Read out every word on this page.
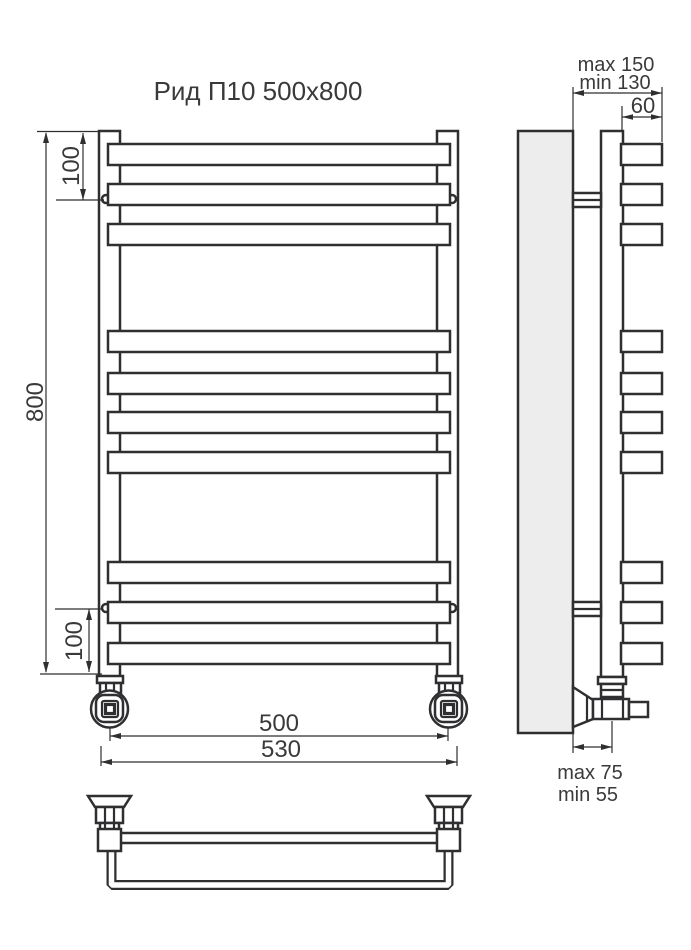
Рид П10 500x800
800
100
100
500
530
max 150
min 130
60
max 75
min 55
